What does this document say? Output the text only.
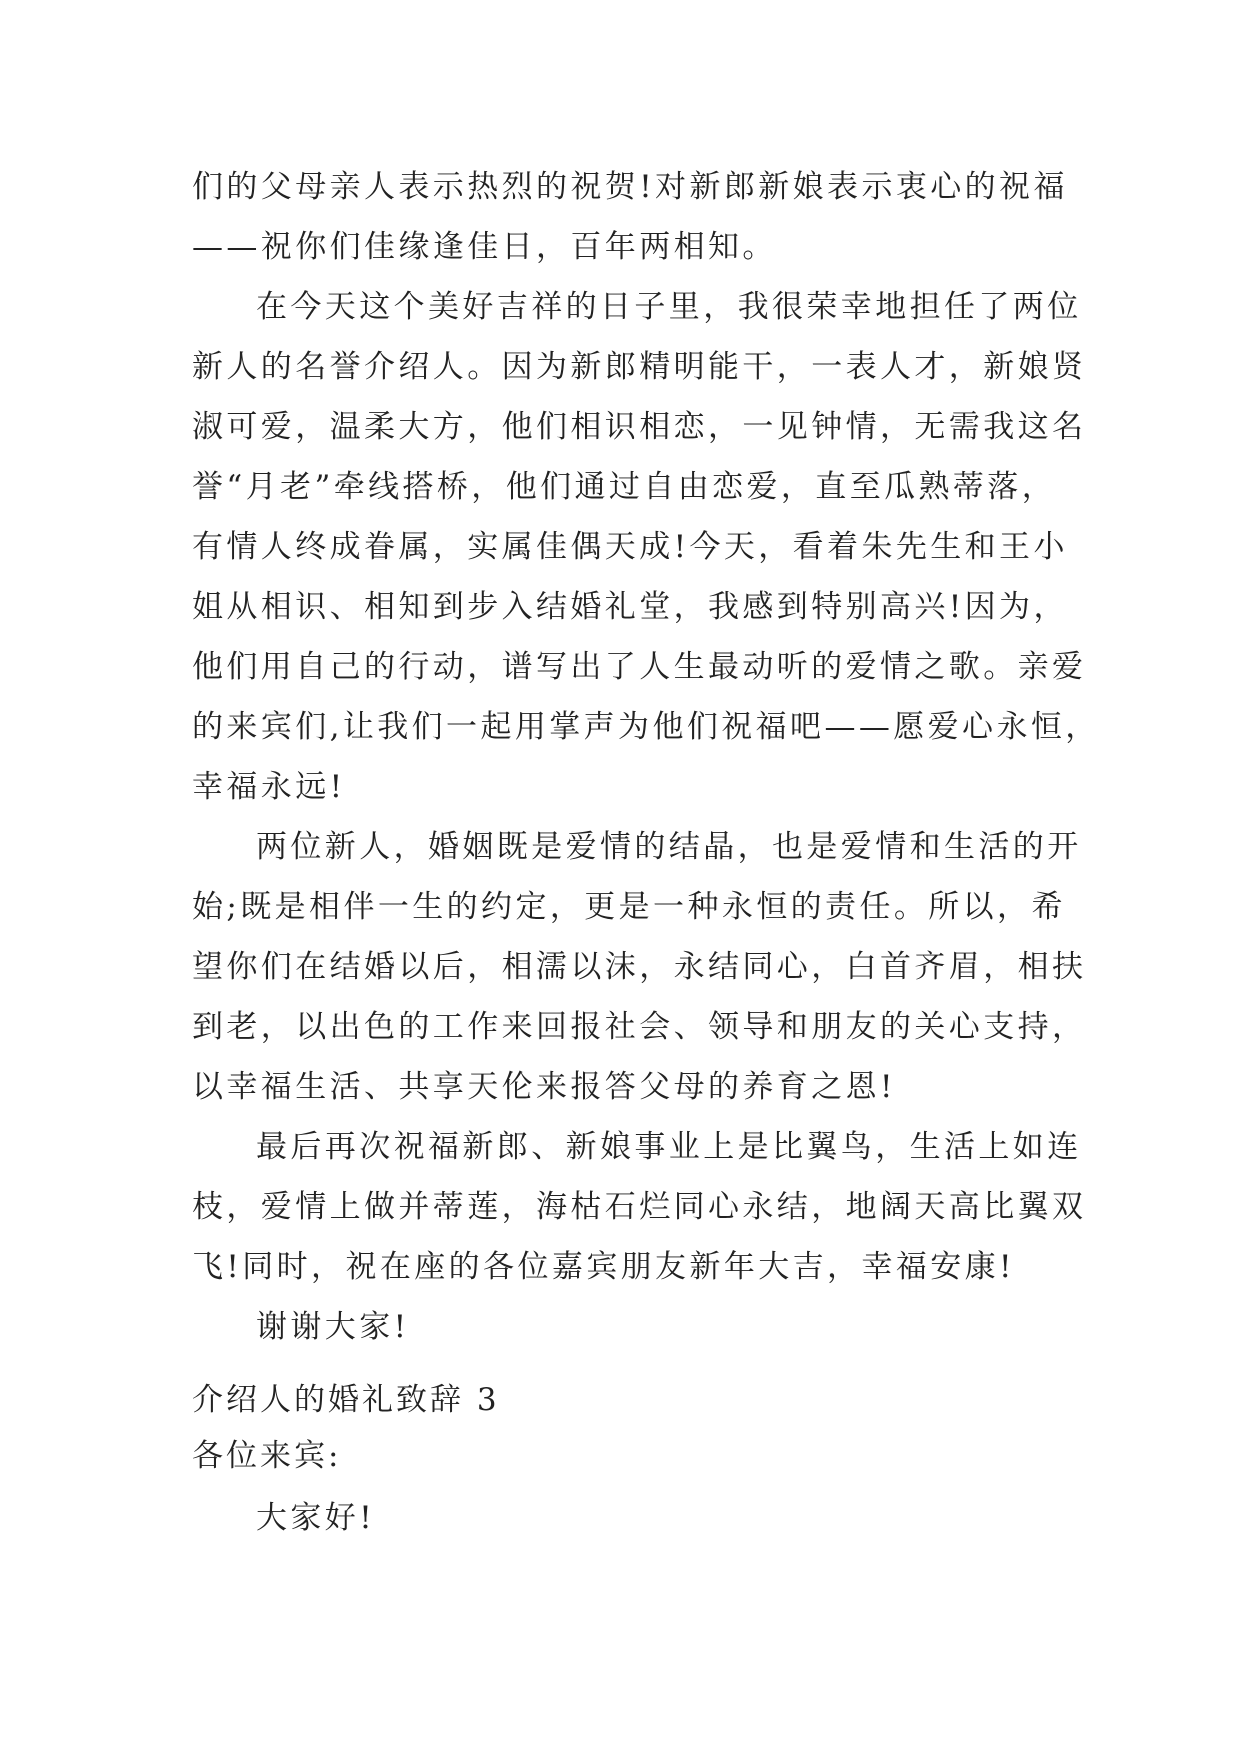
们的父母亲人表示热烈的祝贺!对新郎新娘表示衷心的祝福
——祝你们佳缘逢佳日，百年两相知。
在今天这个美好吉祥的日子里，我很荣幸地担任了两位
新人的名誉介绍人。因为新郎精明能干，一表人才，新娘贤
淑可爱，温柔大方，他们相识相恋，一见钟情，无需我这名
誉“月老”牵线搭桥，他们通过自由恋爱，直至瓜熟蒂落，
有情人终成眷属，实属佳偶天成!今天，看着朱先生和王小
姐从相识、相知到步入结婚礼堂，我感到特别高兴!因为，
他们用自己的行动，谱写出了人生最动听的爱情之歌。亲爱
的来宾们,让我们一起用掌声为他们祝福吧——愿爱心永恒，
幸福永远!
两位新人，婚姻既是爱情的结晶，也是爱情和生活的开
始;既是相伴一生的约定，更是一种永恒的责任。所以，希
望你们在结婚以后，相濡以沫，永结同心，白首齐眉，相扶
到老，以出色的工作来回报社会、领导和朋友的关心支持，
以幸福生活、共享天伦来报答父母的养育之恩!
最后再次祝福新郎、新娘事业上是比翼鸟，生活上如连
枝，爱情上做并蒂莲，海枯石烂同心永结，地阔天高比翼双
飞!同时，祝在座的各位嘉宾朋友新年大吉，幸福安康!
谢谢大家!
介绍人的婚礼致辞 3
各位来宾:
大家好!
